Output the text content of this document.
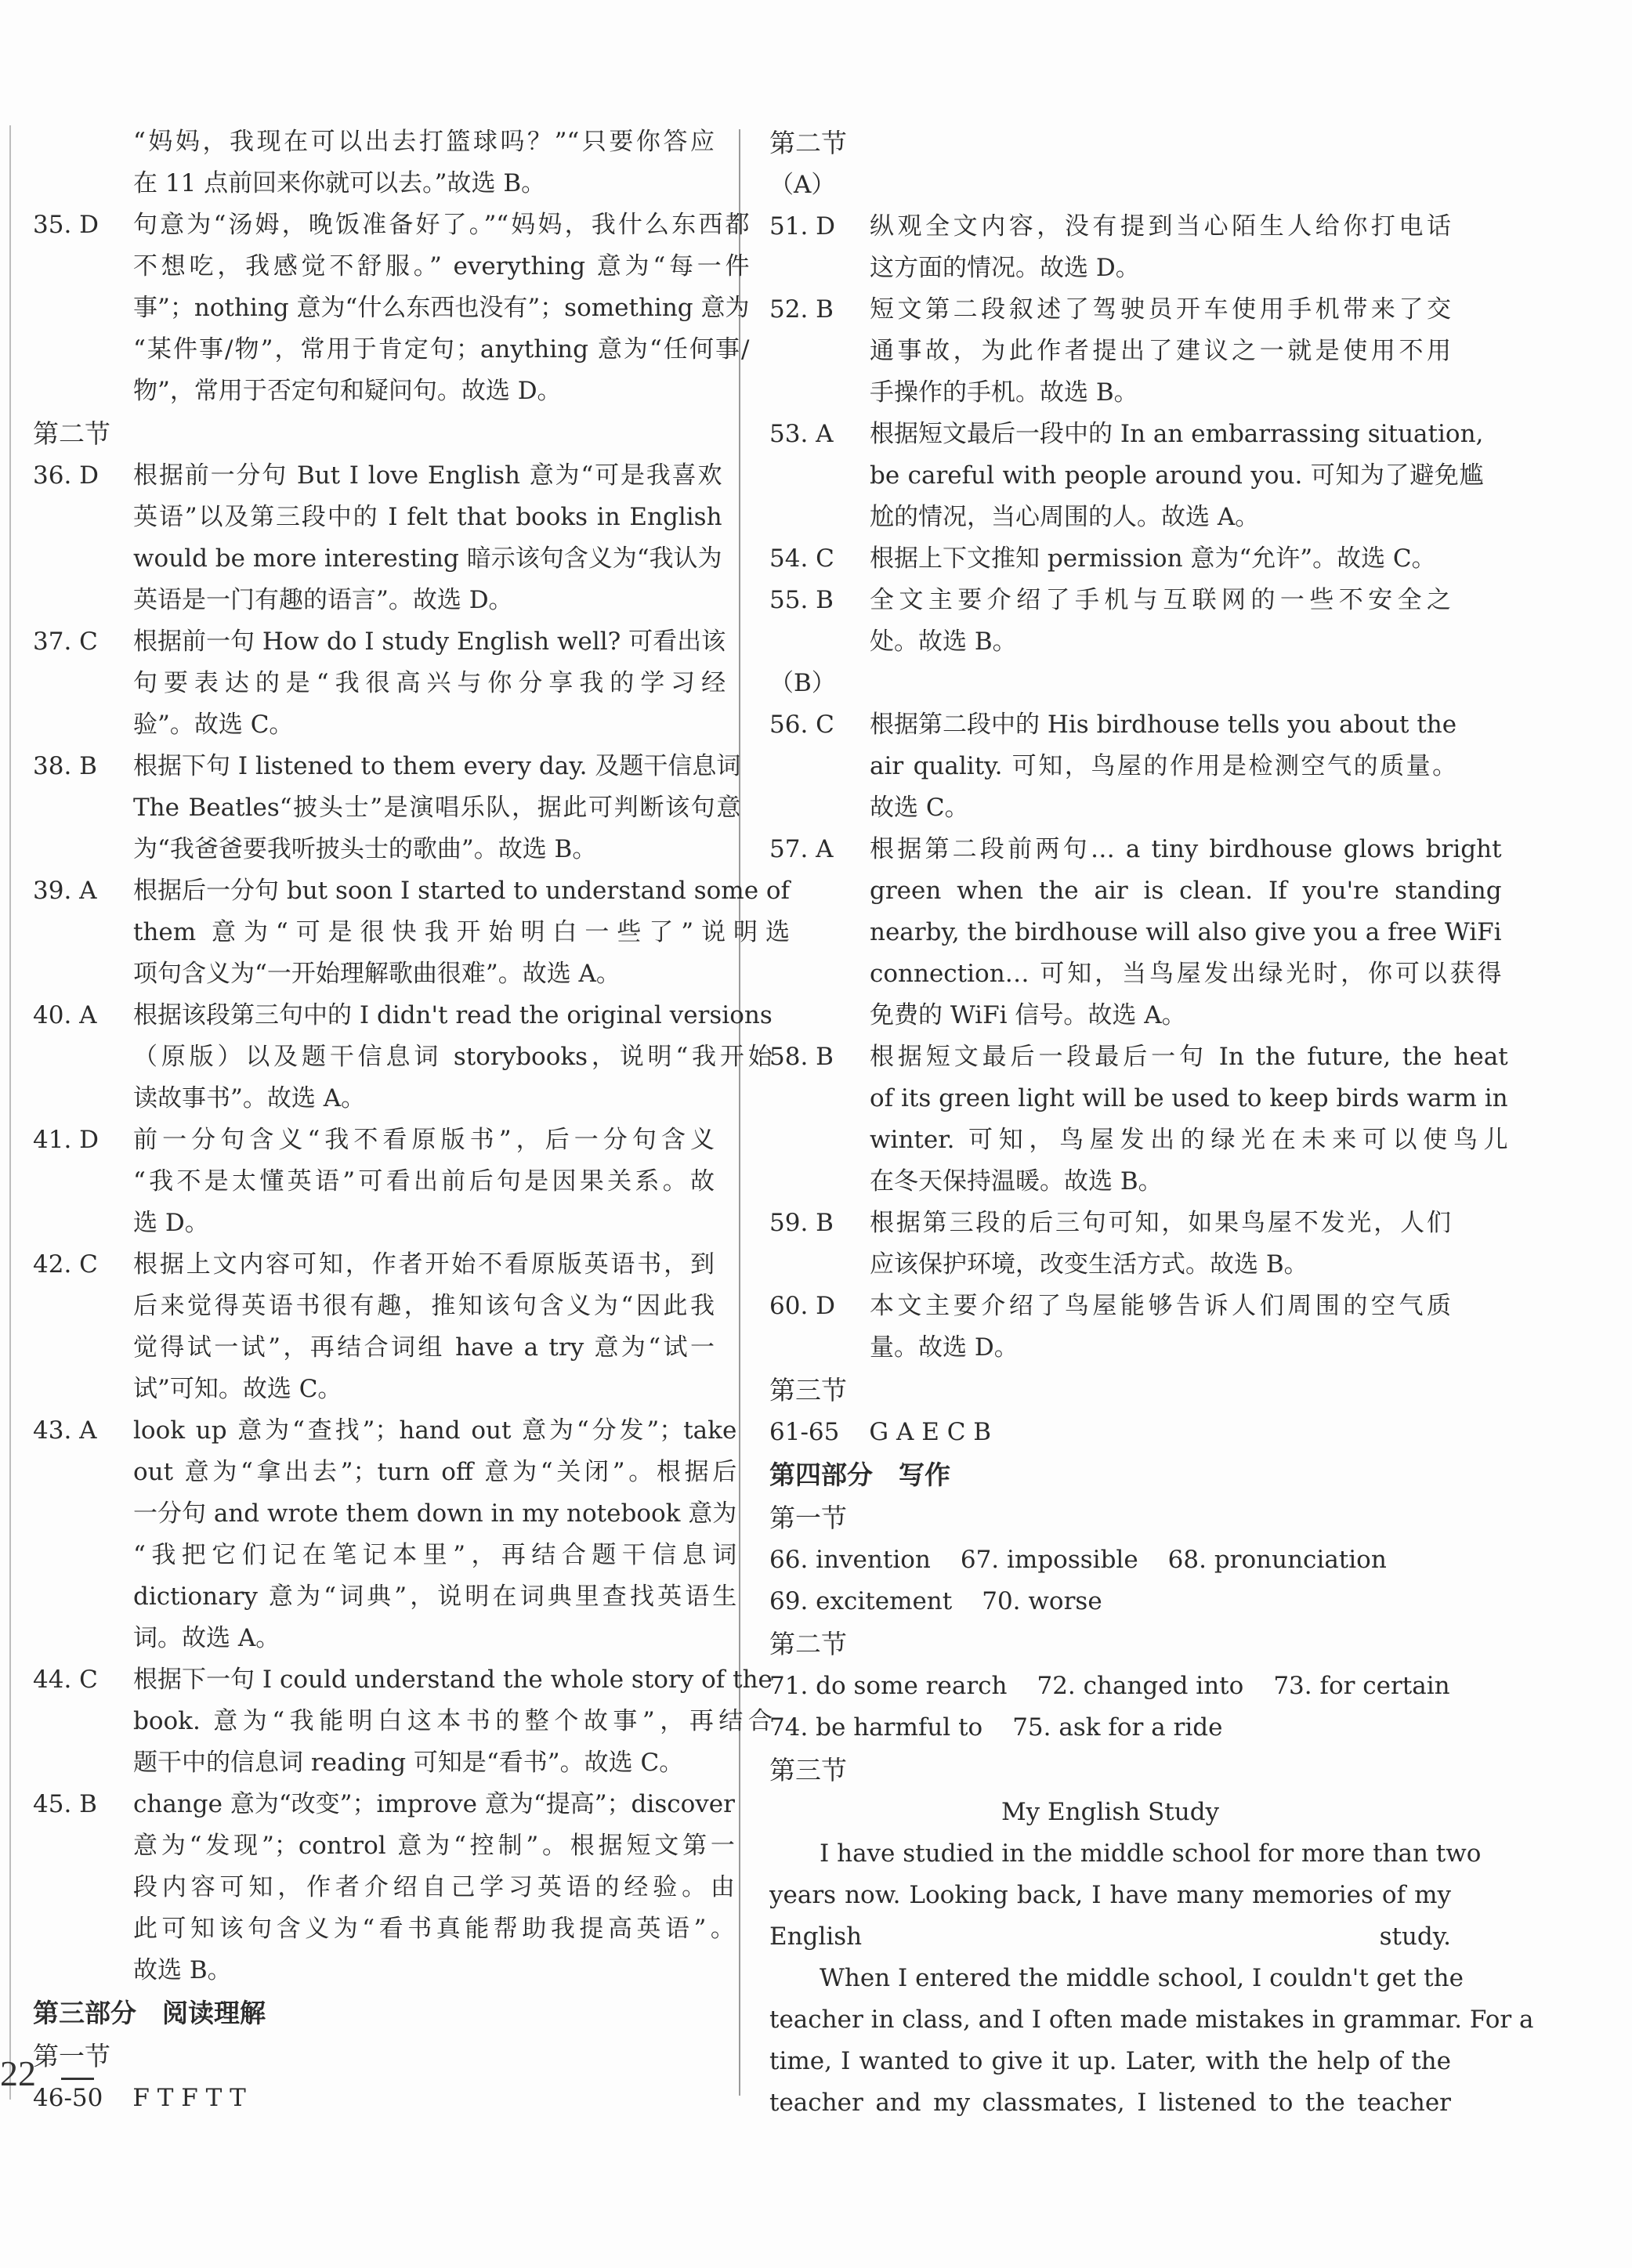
“妈妈，我现在可以出去打篮球吗？”“只要你答应
在 11 点前回来你就可以去。”故选 B。
35. D	句意为“汤姆，晚饭准备好了。”“妈妈，我什么东西都
不想吃，我感觉不舒服。” everything 意为“每一件
事”；nothing 意为“什么东西也没有”；something 意为
“某件事/物”，常用于肯定句；anything 意为“任何事/
物”，常用于否定句和疑问句。故选 D。
第二节
36. D	根据前一分句 But I love English 意为“可是我喜欢
英语”以及第三段中的 I felt that books in English
would be more interesting 暗示该句含义为“我认为
英语是一门有趣的语言”。故选 D。
37. C	根据前一句 How do I study English well? 可看出该
句要表达的是“我很高兴与你分享我的学习经
验”。故选 C。
38. B	根据下句 I listened to them every day. 及题干信息词
The Beatles“披头士”是演唱乐队，据此可判断该句意
为“我爸爸要我听披头士的歌曲”。故选 B。
39. A	根据后一分句 but soon I started to understand some of
them 意为“可是很快我开始明白一些了”说明选
项句含义为“一开始理解歌曲很难”。故选 A。
40. A	根据该段第三句中的 I didn't read the original versions
（原版）以及题干信息词 storybooks，说明“我开始
读故事书”。故选 A。
41. D	前一分句含义“我不看原版书”，后一分句含义
“我不是太懂英语”可看出前后句是因果关系。故
选 D。
42. C	根据上文内容可知，作者开始不看原版英语书，到
后来觉得英语书很有趣，推知该句含义为“因此我
觉得试一试”，再结合词组 have a try 意为“试一
试”可知。故选 C。
43. A	look up 意为“查找”；hand out 意为“分发”；take
out 意为“拿出去”；turn off 意为“关闭”。根据后
一分句 and wrote them down in my notebook 意为
“我把它们记在笔记本里”，再结合题干信息词
dictionary 意为“词典”，说明在词典里查找英语生
词。故选 A。
44. C	根据下一句 I could understand the whole story of the
book. 意为“我能明白这本书的整个故事”，再结合
题干中的信息词 reading 可知是“看书”。故选 C。
45. B	change 意为“改变”；improve 意为“提高”；discover
意为“发现”；control 意为“控制”。根据短文第一
段内容可知，作者介绍自己学习英语的经验。由
此可知该句含义为“看书真能帮助我提高英语”。
故选 B。
第三部分　阅读理解
第一节
46-50 F T F T T
第二节
（A）
51. D	纵观全文内容，没有提到当心陌生人给你打电话
这方面的情况。故选 D。
52. B	短文第二段叙述了驾驶员开车使用手机带来了交
通事故，为此作者提出了建议之一就是使用不用
手操作的手机。故选 B。
53. A	根据短文最后一段中的 In an embarrassing situation,
be careful with people around you. 可知为了避免尴
尬的情况，当心周围的人。故选 A。
54. C	根据上下文推知 permission 意为“允许”。故选 C。
55. B	全文主要介绍了手机与互联网的一些不安全之
处。故选 B。
（B）
56. C	根据第二段中的 His birdhouse tells you about the
air quality. 可知，鸟屋的作用是检测空气的质量。
故选 C。
57. A	根据第二段前两句… a tiny birdhouse glows bright
green when the air is clean. If you're standing
nearby, the birdhouse will also give you a free WiFi
connection… 可知，当鸟屋发出绿光时，你可以获得
免费的 WiFi 信号。故选 A。
58. B	根据短文最后一段最后一句 In the future, the heat
of its green light will be used to keep birds warm in
winter. 可知，鸟屋发出的绿光在未来可以使鸟儿
在冬天保持温暖。故选 B。
59. B	根据第三段的后三句可知，如果鸟屋不发光，人们
应该保护环境，改变生活方式。故选 B。
60. D	本文主要介绍了鸟屋能够告诉人们周围的空气质
量。故选 D。
第三节
61-65 G A E C B
第四部分　写作
第一节
66. invention 67. impossible 68. pronunciation
69. excitement 70. worse
第二节
71. do some rearch 72. changed into 73. for certain
74. be harmful to 75. ask for a ride
第三节
My English Study
I have studied in the middle school for more than two
years now. Looking back, I have many memories of my
English study.
When I entered the middle school, I couldn't get the
teacher in class, and I often made mistakes in grammar. For a
time, I wanted to give it up. Later, with the help of the
teacher and my classmates, I listened to the teacher
22
